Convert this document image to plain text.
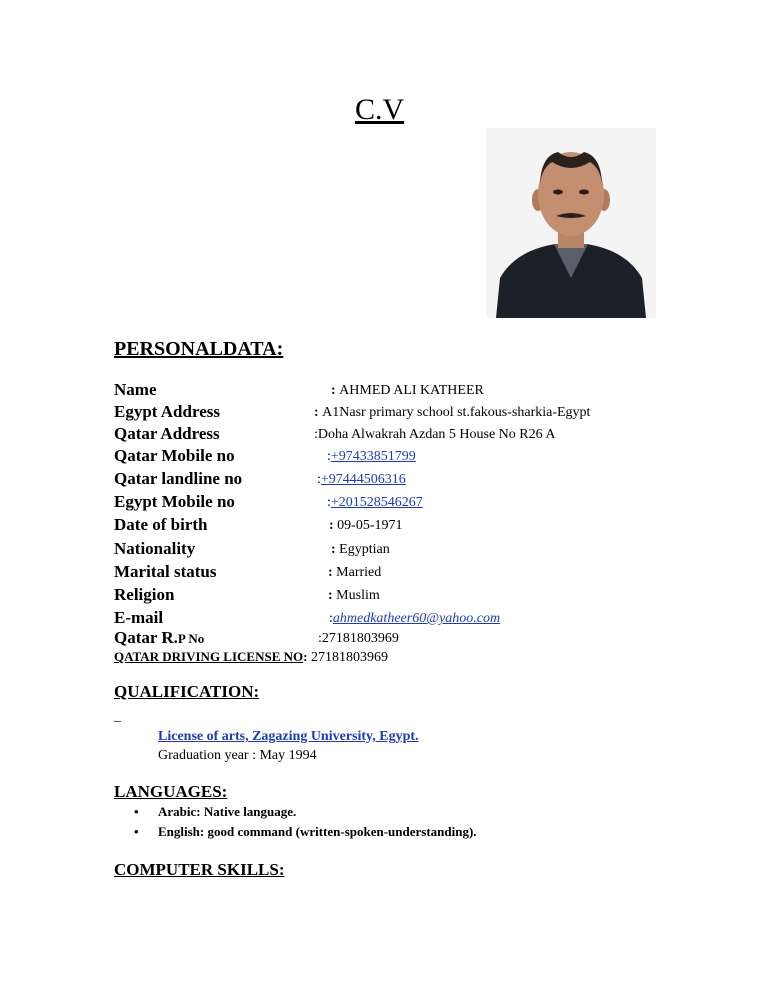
C.V
PERSONALDATA:
Name	: AHMED ALI KATHEER
Egypt Address	: A1Nasr primary school st.fakous-sharkia-Egypt
Qatar Address	:Doha Alwakrah Azdan 5 House No R26 A
Qatar Mobile no	:+97433851799
Qatar landline no	:+97444506316
Egypt Mobile no	:+201528546267
Date of birth	: 09-05-1971
Nationality	: Egyptian
Marital status	: Married
Religion	: Muslim
E-mail	:ahmedkatheer60@yahoo.com
Qatar R.P No	:27181803969
QATAR DRIVING LICENSE NO: 27181803969
QUALIFICATION:
_
License of arts, Zagazing University, Egypt.
Graduation year : May 1994
LANGUAGES:
• Arabic: Native language.
• English: good command (written-spoken-understanding).
COMPUTER SKILLS:
